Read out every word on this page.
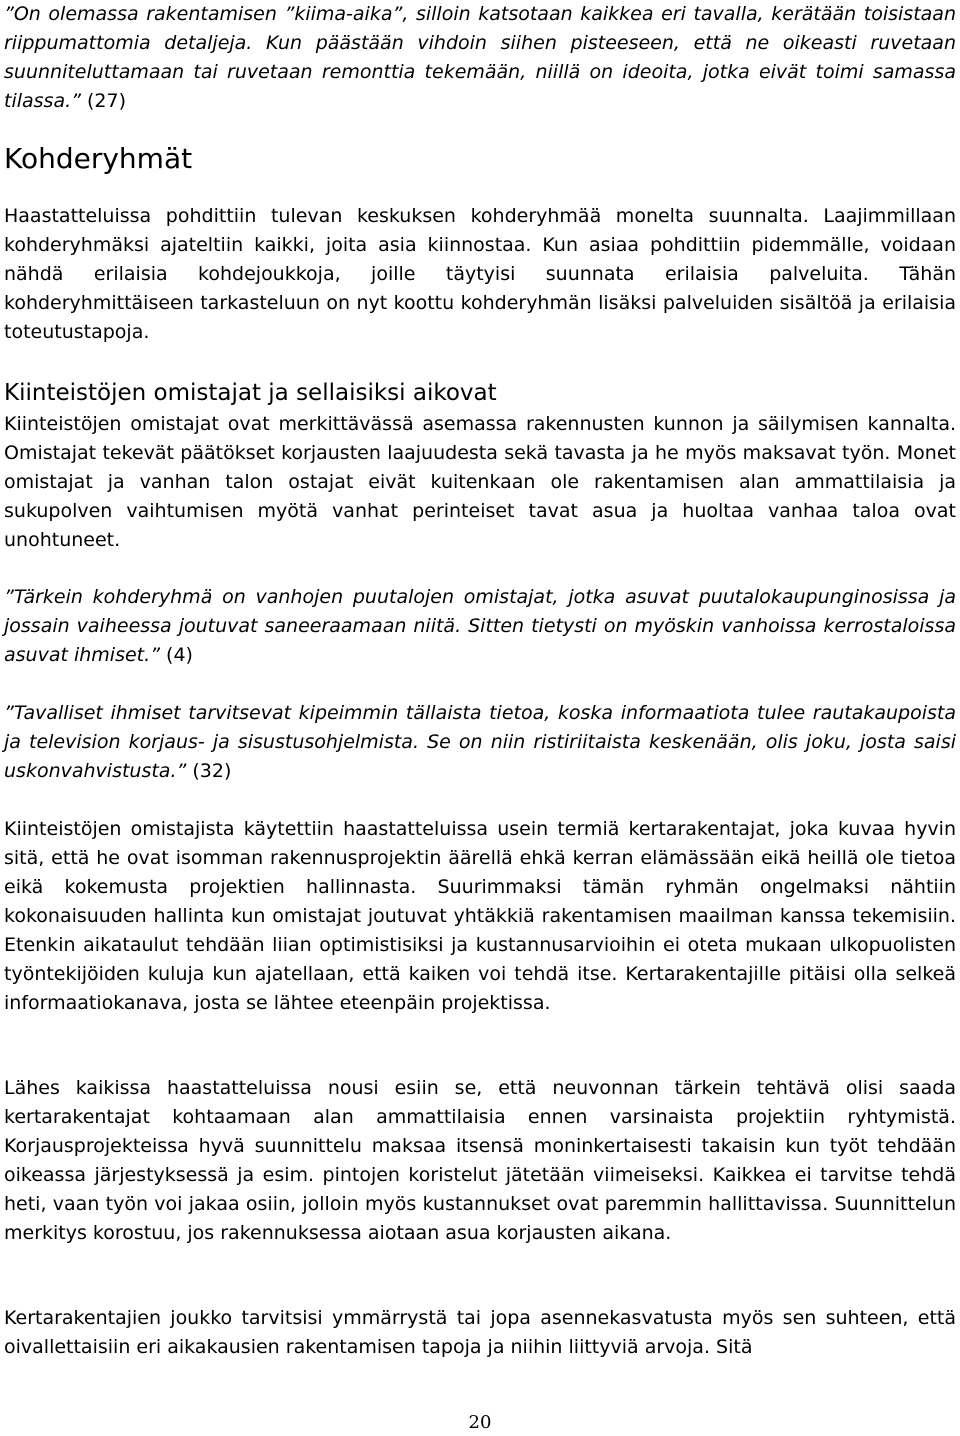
”On olemassa rakentamisen ”kiima-aika”, silloin katsotaan kaikkea eri tavalla, kerätään toisistaan riippumattomia detaljeja. Kun päästään vihdoin siihen pisteeseen, että ne oikeasti ruvetaan suunniteluttamaan tai ruvetaan remonttia tekemään, niillä on ideoita, jotka eivät toimi samassa tilassa.” (27)

Kohderyhmät

Haastatteluissa pohdittiin tulevan keskuksen kohderyhmää monelta suunnalta. Laajimmillaan kohderyhmäksi ajateltiin kaikki, joita asia kiinnostaa. Kun asiaa pohdittiin pidemmälle, voidaan nähdä erilaisia kohdejoukkoja, joille täytyisi suunnata erilaisia palveluita. Tähän kohderyhmittäiseen tarkasteluun on nyt koottu kohderyhmän lisäksi palveluiden sisältöä ja erilaisia toteutustapoja.

Kiinteistöjen omistajat ja sellaisiksi aikovat

Kiinteistöjen omistajat ovat merkittävässä asemassa rakennusten kunnon ja säilymisen kannalta. Omistajat tekevät päätökset korjausten laajuudesta sekä tavasta ja he myös maksavat työn. Monet omistajat ja vanhan talon ostajat eivät kuitenkaan ole rakentamisen alan ammattilaisia ja sukupolven vaihtumisen myötä vanhat perinteiset tavat asua ja huoltaa vanhaa taloa ovat unohtuneet.

”Tärkein kohderyhmä on vanhojen puutalojen omistajat, jotka asuvat puutalokaupunginosissa ja jossain vaiheessa joutuvat saneeraamaan niitä. Sitten tietysti on myöskin vanhoissa kerrostaloissa asuvat ihmiset.” (4)

”Tavalliset ihmiset tarvitsevat kipeimmin tällaista tietoa, koska informaatiota tulee rautakaupoista ja television korjaus- ja sisustusohjelmista. Se on niin ristiriitaista keskenään, olis joku, josta saisi uskonvahvistusta.” (32)

Kiinteistöjen omistajista käytettiin haastatteluissa usein termiä kertarakentajat, joka kuvaa hyvin sitä, että he ovat isomman rakennusprojektin äärellä ehkä kerran elämässään eikä heillä ole tietoa eikä kokemusta projektien hallinnasta. Suurimmaksi tämän ryhmän ongelmaksi nähtiin kokonaisuuden hallinta kun omistajat joutuvat yhtäkkiä rakentamisen maailman kanssa tekemisiin. Etenkin aikataulut tehdään liian optimistisiksi ja kustannusarvioihin ei oteta mukaan ulkopuolisten työntekijöiden kuluja kun ajatellaan, että kaiken voi tehdä itse. Kertarakentajille pitäisi olla selkeä informaatiokanava, josta se lähtee eteenpäin projektissa.

Lähes kaikissa haastatteluissa nousi esiin se, että neuvonnan tärkein tehtävä olisi saada kertarakentajat kohtaamaan alan ammattilaisia ennen varsinaista projektiin ryhtymistä. Korjausprojekteissa hyvä suunnittelu maksaa itsensä moninkertaisesti takaisin kun työt tehdään oikeassa järjestyksessä ja esim. pintojen koristelut jätetään viimeiseksi. Kaikkea ei tarvitse tehdä heti, vaan työn voi jakaa osiin, jolloin myös kustannukset ovat paremmin hallittavissa. Suunnittelun merkitys korostuu, jos rakennuksessa aiotaan asua korjausten aikana.

Kertarakentajien joukko tarvitsisi ymmärrystä tai jopa asennekasvatusta myös sen suhteen, että oivallettaisiin eri aikakausien rakentamisen tapoja ja niihin liittyviä arvoja. Sitä

20
